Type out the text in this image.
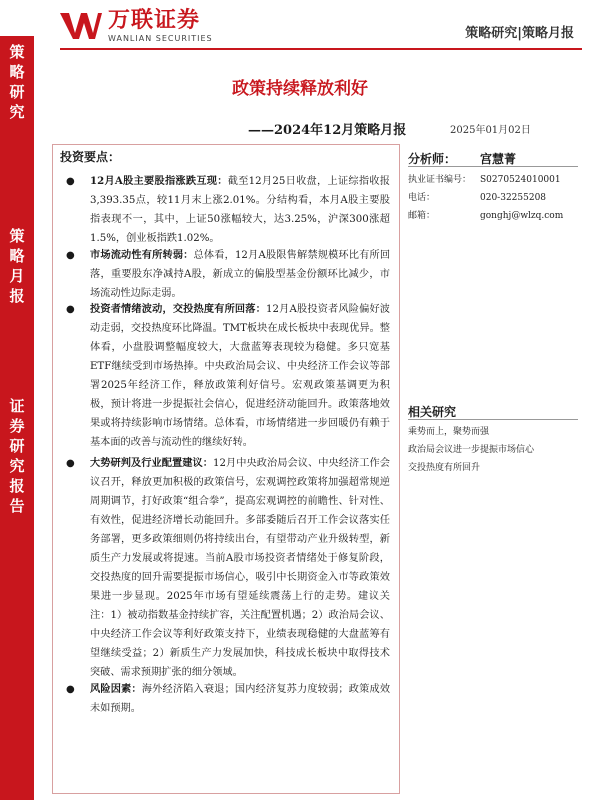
策
略
研
究
策
略
月
报
证
券
研
究
报
告
万联证券
WANLIAN SECURITIES	策略研究|策略月报
政策持续释放利好
——2024年12月策略月报	2025年01月02日
投资要点：
● 12月A股主要股指涨跌互现：截至12月25日收盘，上证综指收报3,393.35点，较11月末上涨2.01%。分结构看，本月A股主要股指表现不一，其中，上证50涨幅较大，达3.25%，沪深300涨超1.5%，创业板指跌1.02%。
● 市场流动性有所转弱：总体看，12月A股限售解禁规模环比有所回落，重要股东净减持A股，新成立的偏股型基金份额环比减少，市场流动性边际走弱。
● 投资者情绪波动，交投热度有所回落：12月A股投资者风险偏好波动走弱，交投热度环比降温。TMT板块在成长板块中表现优异。整体看，小盘股调整幅度较大，大盘蓝筹表现较为稳健。多只宽基ETF继续受到市场热捧。中央政治局会议、中央经济工作会议等部署2025年经济工作，释放政策利好信号。宏观政策基调更为积极，预计将进一步提振社会信心，促进经济动能回升。政策落地效果或将持续影响市场情绪。总体看，市场情绪进一步回暖仍有赖于基本面的改善与流动性的继续好转。
● 大势研判及行业配置建议：12月中央政治局会议、中央经济工作会议召开，释放更加积极的政策信号，宏观调控政策将加强超常规逆周期调节，打好政策“组合拳”，提高宏观调控的前瞻性、针对性、有效性，促进经济增长动能回升。多部委随后召开工作会议落实任务部署，更多政策细则仍将持续出台，有望带动产业升级转型，新质生产力发展或将提速。当前A股市场投资者情绪处于修复阶段，交投热度的回升需要提振市场信心，吸引中长期资金入市等政策效果进一步显现。2025年市场有望延续震荡上行的走势。建议关注：1）被动指数基金持续扩容，关注配置机遇；2）政治局会议、中央经济工作会议等利好政策支持下，业绩表现稳健的大盘蓝筹有望继续受益；2）新质生产力发展加快，科技成长板块中取得技术突破、需求预期扩张的细分领域。
● 风险因素：海外经济陷入衰退；国内经济复苏力度较弱；政策成效未如预期。
分析师： 宫慧菁
执业证书编号： S0270524010001
电话：	020-32255208
邮箱：	gonghj@wlzq.com
相关研究
乘势而上，聚势而强
政治局会议进一步提振市场信心
交投热度有所回升
